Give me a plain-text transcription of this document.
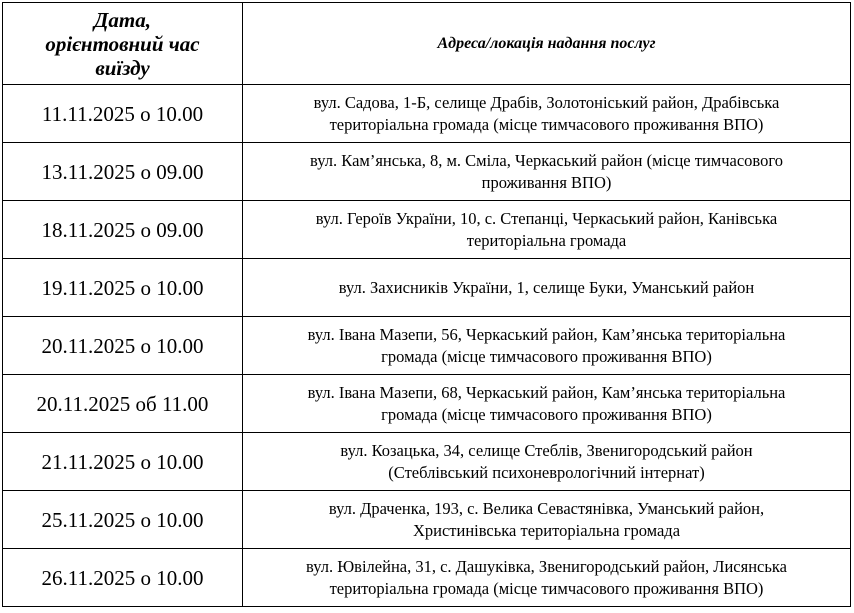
Дата,
орієнтовний час
виїзду	Адреса/локація надання послуг
11.11.2025 о 10.00	вул. Садова, 1-Б, селище Драбів, Золотоніський район, Драбівська
територіальна громада (місце тимчасового проживання ВПО)

13.11.2025 о 09.00	вул. Кам’янська, 8, м. Сміла, Черкаський район (місце тимчасового
проживання ВПО)

18.11.2025 о 09.00	вул. Героїв України, 10, с. Степанці, Черкаський район, Канівська
територіальна громада

19.11.2025 о 10.00	вул. Захисників України, 1, селище Буки, Уманський район

20.11.2025 о 10.00	вул. Івана Мазепи, 56, Черкаський район, Кам’янська територіальна
громада (місце тимчасового проживання ВПО)

20.11.2025 об 11.00	вул. Івана Мазепи, 68, Черкаський район, Кам’янська територіальна
громада (місце тимчасового проживання ВПО)

21.11.2025 о 10.00	вул. Козацька, 34, селище Стеблів, Звенигородський район
(Стеблівський психоневрологічний інтернат)

25.11.2025 о 10.00	вул. Драченка, 193, с. Велика Севастянівка, Уманський район,
Христинівська територіальна громада

26.11.2025 о 10.00	вул. Ювілейна, 31, с. Дашуківка, Звенигородський район, Лисянська
територіальна громада (місце тимчасового проживання ВПО)
